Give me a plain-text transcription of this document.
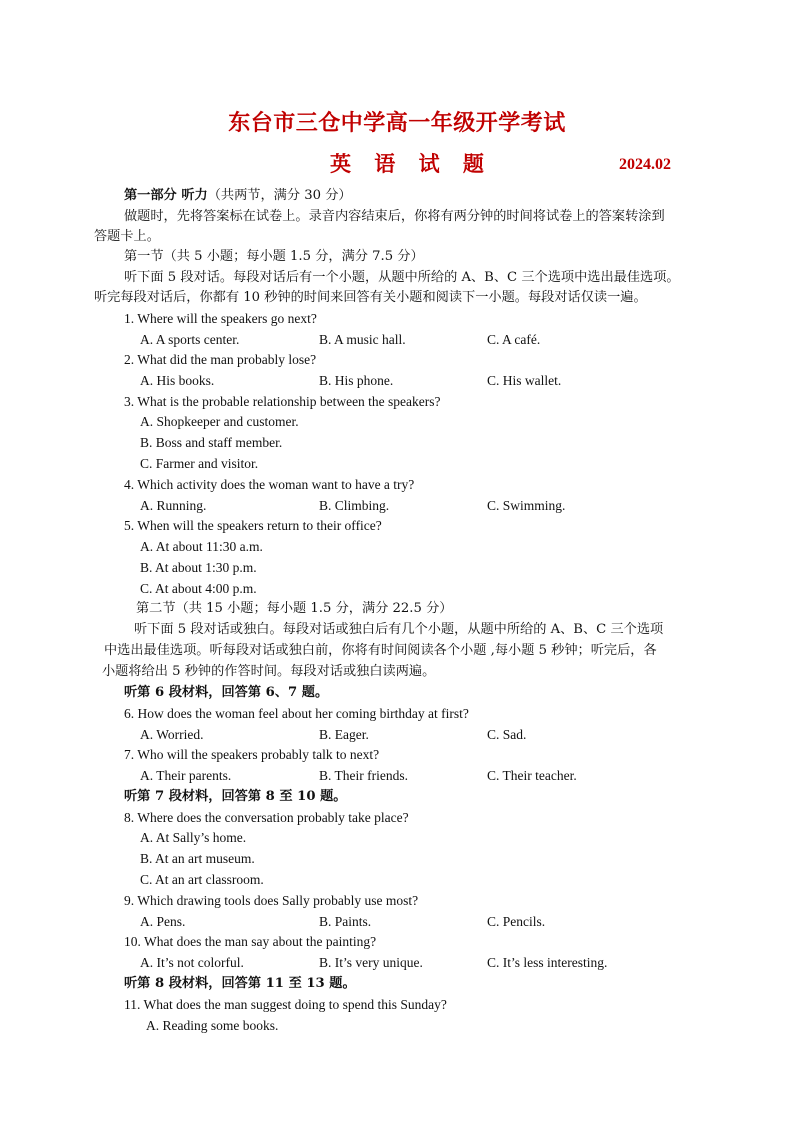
东台市三仓中学高一年级开学考试
英 语 试 题	2024.02
第一部分 听力（共两节，满分 30 分）
做题时，先将答案标在试卷上。录音内容结束后，你将有两分钟的时间将试卷上的答案转涂到
答题卡上。
第一节（共 5 小题；每小题 1.5 分，满分 7.5 分）
听下面 5 段对话。每段对话后有一个小题，从题中所给的 A、B、C 三个选项中选出最佳选项。
听完每段对话后，你都有 10 秒钟的时间来回答有关小题和阅读下一小题。每段对话仅读一遍。
1. Where will the speakers go next?
A. A sports center.	B. A music hall.	C. A café.
2. What did the man probably lose?
A. His books.	B. His phone.	C. His wallet.
3. What is the probable relationship between the speakers?
A. Shopkeeper and customer.
B. Boss and staff member.
C. Farmer and visitor.
4. Which activity does the woman want to have a try?
A. Running.	B. Climbing.	C. Swimming.
5. When will the speakers return to their office?
A. At about 11:30 a.m.
B. At about 1:30 p.m.
C. At about 4:00 p.m.
第二节（共 15 小题；每小题 1.5 分，满分 22.5 分）
听下面 5 段对话或独白。每段对话或独白后有几个小题，从题中所给的 A、B、C 三个选项
中选出最佳选项。听每段对话或独白前，你将有时间阅读各个小题 ,每小题 5 秒钟；听完后，各
小题将给出 5 秒钟的作答时间。每段对话或独白读两遍。
听第 6 段材料，回答第 6、7 题。
6. How does the woman feel about her coming birthday at first?
A. Worried.	B. Eager.	C. Sad.
7. Who will the speakers probably talk to next?
A. Their parents.	B. Their friends.	C. Their teacher.
听第 7 段材料，回答第 8 至 10 题。
8. Where does the conversation probably take place?
A. At Sally’s home.
B. At an art museum.
C. At an art classroom.
9. Which drawing tools does Sally probably use most?
A. Pens.	B. Paints.	C. Pencils.
10. What does the man say about the painting?
A. It’s not colorful.	B. It’s very unique.	C. It’s less interesting.
听第 8 段材料，回答第 11 至 13 题。
11. What does the man suggest doing to spend this Sunday?
A. Reading some books.
